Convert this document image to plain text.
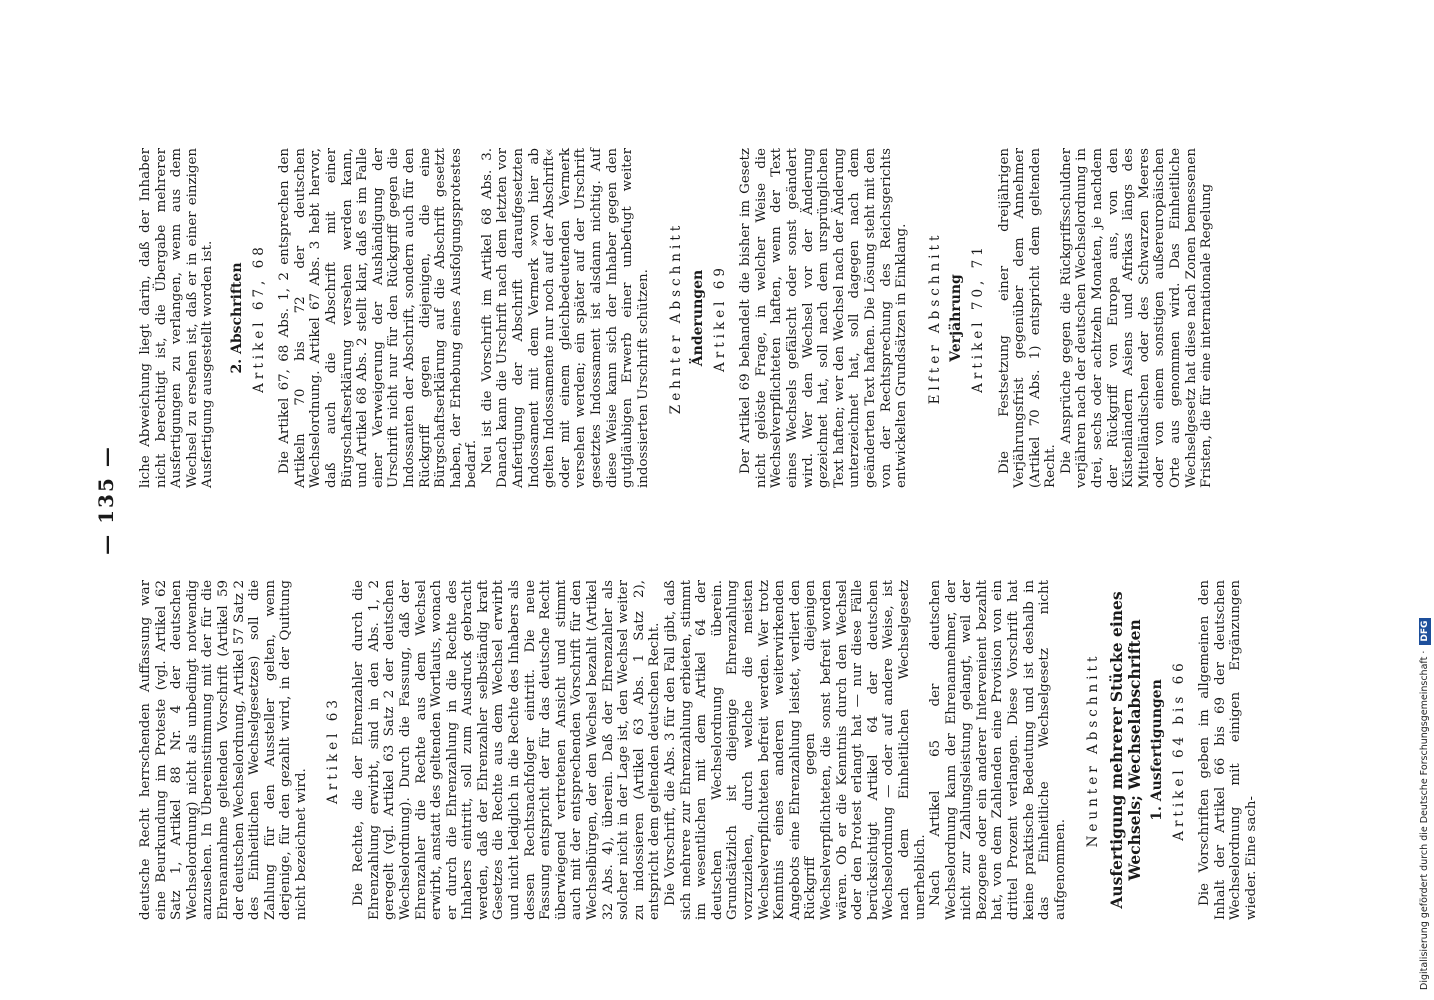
— 135 —

deutsche Recht herrschenden Auffassung war eine Beurkundung im Proteste (vgl. Artikel 62 Satz 1, Artikel 88 Nr. 4 der deutschen Wechselordnung) nicht als unbedingt notwendig anzusehen. In Übereinstimmung mit der für die Ehrenannahme geltenden Vorschrift (Artikel 59 der deutschen Wechselordnung, Artikel 57 Satz 2 des Einheitlichen Wechselgesetzes) soll die Zahlung für den Aussteller gelten, wenn derjenige, für den gezahlt wird, in der Quittung nicht bezeichnet wird.

Artikel 63 Die Rechte, die der Ehrenzahler durch die Ehrenzahlung erwirbt, sind in den Abs. 1, 2 geregelt (vgl. Artikel 63 Satz 2 der deutschen Wechselordnung). Durch die Fassung, daß der Ehrenzahler die Rechte aus dem Wechsel erwirbt, anstatt des geltenden Wortlauts, wonach er durch die Ehrenzahlung in die Rechte des Inhabers eintritt, soll zum Ausdruck gebracht werden, daß der Ehrenzahler selbständig kraft Gesetzes die Rechte aus dem Wechsel erwirbt und nicht lediglich in die Rechte des Inhabers als dessen Rechtsnachfolger eintritt. Die neue Fassung entspricht der für das deutsche Recht überwiegend vertretenen Ansicht und stimmt auch mit der entsprechenden Vorschrift für den Wechselbürgen, der den Wechsel bezahlt (Artikel 32 Abs. 4), überein. Daß der Ehrenzahler als solcher nicht in der Lage ist, den Wechsel weiter zu indossieren (Artikel 63 Abs. 1 Satz 2), entspricht dem geltenden deutschen Recht. Die Vorschrift, die Abs. 3 für den Fall gibt, daß sich mehrere zur Ehrenzahlung erbieten, stimmt im wesentlichen mit dem Artikel 64 der deutschen Wechselordnung überein. Grundsätzlich ist diejenige Ehrenzahlung vorzuziehen, durch welche die meisten Wechselverpflichteten befreit werden. Wer trotz Kenntnis eines anderen weiterwirkenden Angebots eine Ehrenzahlung leistet, verliert den Rückgriff gegen diejenigen Wechselverpflichteten, die sonst befreit worden wären. Ob er die Kenntnis durch den Wechsel oder den Protest erlangt hat — nur diese Fälle berücksichtigt Artikel 64 der deutschen Wechselordnung — oder auf andere Weise, ist nach dem Einheitlichen Wechselgesetz unerheblich. Nach Artikel 65 der deutschen Wechselordnung kann der Ehrenannehmer, der nicht zur Zahlungsleistung gelangt, weil der Bezogene oder ein anderer Intervenient bezahlt hat, von dem Zahlenden eine Provision von ein drittel Prozent verlangen. Diese Vorschrift hat keine praktische Bedeutung und ist deshalb in das Einheitliche Wechselgesetz nicht aufgenommen.

Neunter Abschnitt Ausfertigung mehrerer Stücke eines Wechsels; Wechselabschriften 1. Ausfertigungen Artikel 64 bis 66 Die Vorschriften geben im allgemeinen den Inhalt der Artikel 66 bis 69 der deutschen Wechselordnung mit einigen Ergänzungen wieder. Eine sach-

liche Abweichung liegt darin, daß der Inhaber nicht berechtigt ist, die Übergabe mehrerer Ausfertigungen zu verlangen, wenn aus dem Wechsel zu ersehen ist, daß er in einer einzigen Ausfertigung ausgestellt worden ist. 2. Abschriften Artikel 67, 68 Die Artikel 67, 68 Abs. 1, 2 entsprechen den Artikeln 70 bis 72 der deutschen Wechselordnung. Artikel 67 Abs. 3 hebt hervor, daß auch die Abschrift mit einer Bürgschaftserklärung versehen werden kann, und Artikel 68 Abs. 2 stellt klar, daß es im Falle einer Verweigerung der Aushändigung der Urschrift nicht nur für den Rückgriff gegen die Indossanten der Abschrift, sondern auch für den Rückgriff gegen diejenigen, die eine Bürgschaftserklärung auf die Abschrift gesetzt haben, der Erhebung eines Ausfolgungsprotestes bedarf. Neu ist die Vorschrift im Artikel 68 Abs. 3. Danach kann die Urschrift nach dem letzten vor Anfertigung der Abschrift daraufgesetzten Indossament mit dem Vermerk »von hier ab gelten Indossamente nur noch auf der Abschrift« oder mit einem gleichbedeutenden Vermerk versehen werden; ein später auf der Urschrift gesetztes Indossament ist alsdann nichtig. Auf diese Weise kann sich der Inhaber gegen den gutgläubigen Erwerb einer unbefugt weiter indossierten Urschrift schützen. Zehnter Abschnitt Änderungen Artikel 69 Der Artikel 69 behandelt die bisher im Gesetz nicht gelöste Frage, in welcher Weise die Wechselverpflichteten haften, wenn der Text eines Wechsels gefälscht oder sonst geändert wird. Wer den Wechsel vor der Änderung gezeichnet hat, soll nach dem ursprünglichen Text haften; wer den Wechsel nach der Änderung unterzeichnet hat, soll dagegen nach dem geänderten Text haften. Die Lösung steht mit den von der Rechtsprechung des Reichsgerichts entwickelten Grundsätzen in Einklang. Elfter Abschnitt Verjährung Artikel 70, 71 Die Festsetzung einer dreijährigen Verjährungsfrist gegenüber dem Annehmer (Artikel 70 Abs. 1) entspricht dem geltenden Recht. Die Ansprüche gegen die Rückgriffsschuldner verjähren nach der deutschen Wechselordnung in drei, sechs oder achtzehn Monaten, je nachdem der Rückgriff von Europa aus, von den Küstenländern Asiens und Afrikas längs des Mittelländischen oder des Schwarzen Meeres oder von einem sonstigen außereuropäischen Orte aus genommen wird. Das Einheitliche Wechselgesetz hat diese nach Zonen bemessenen Fristen, die für eine internationale Regelung

Digitalisierung gefördert durch die Deutsche Forschungsgemeinschaft ·DFG
